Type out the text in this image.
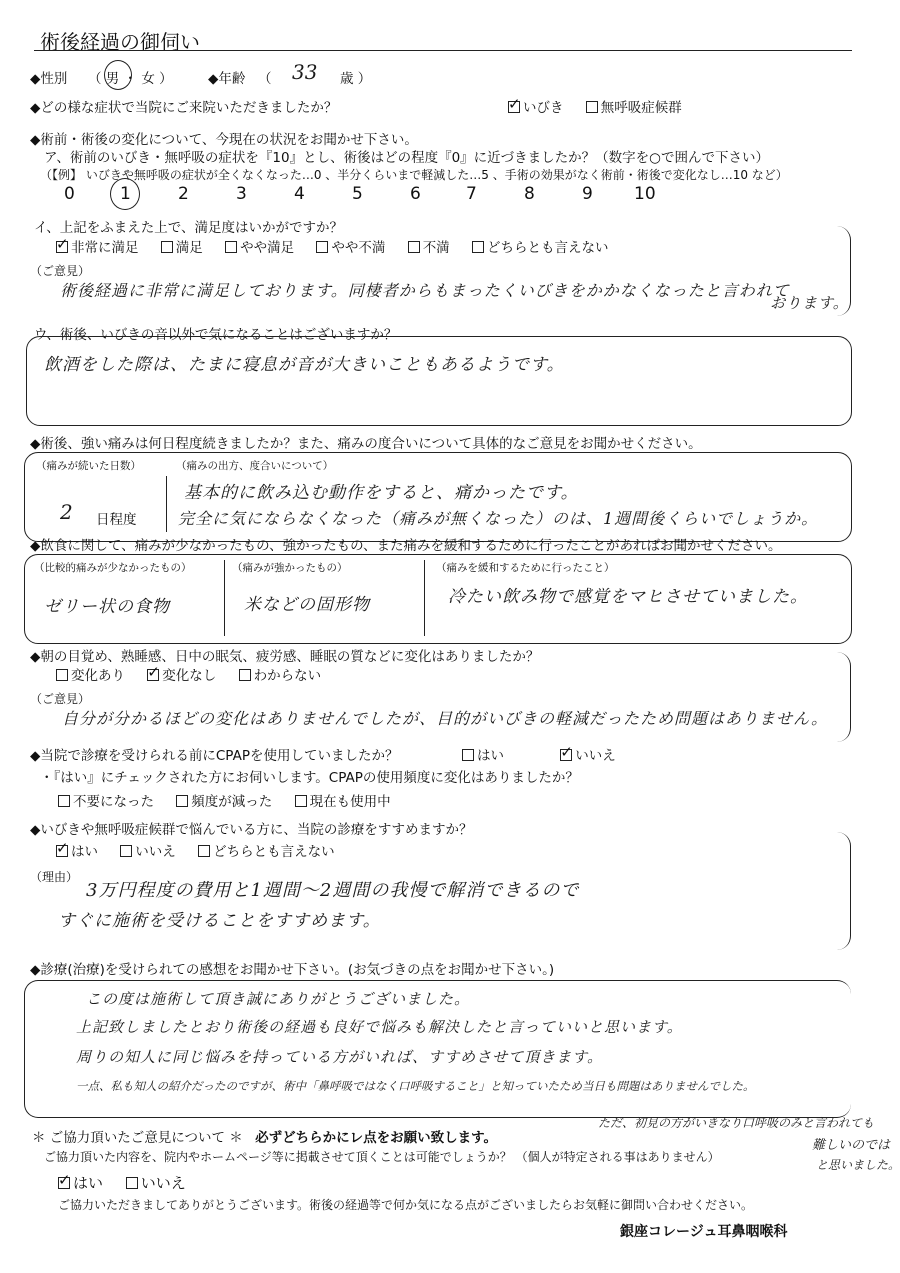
術後経過の御伺い
◆性別 （ 男 ・ 女 ）	◆年齢 （ 33 歳 ）
◆どの様な症状で当院にご来院いただきましたか？ ✓	いびき	無呼吸症候群
◆術前・術後の変化について、今現在の状況をお聞かせ下さい。
ア、術前のいびき・無呼吸の症状を『10』とし、術後はどの程度『0』に近づきましたか？（数字を○で囲んで下さい）
（【例】 いびきや無呼吸の症状が全くなくなった…0 、半分くらいまで軽減した…5 、手術の効果がなく術前・術後で変化なし…10 など）
0	1	2	3	4	5	6	7	8	9 10
イ、上記をふまえた上で、満足度はいかがですか？
✓非常に満足	満足	やや満足	やや不満	不満	どちらとも言えない
（ご意見）
術後経過に非常に満足しております。同棲者からもまったくいびきをかかなくなったと言われて
おります。
ウ、術後、いびきの音以外で気になることはございますか？
飲酒をした際は、たまに寝息が音が大きいこともあるようです。
◆術後、強い痛みは何日程度続きましたか？また、痛みの度合いについて具体的なご意見をお聞かせください。
（痛みが続いた日数）
2 日程度
（痛みの出方、度合いについて）
基本的に飲み込む動作をすると、痛かったです。
完全に気にならなくなった（痛みが無くなった）のは、1週間後くらいでしょうか。
◆飲食に関して、痛みが少なかったもの、強かったもの、また痛みを緩和するために行ったことがあればお聞かせください。
（比較的痛みが少なかったもの）
ゼリー状の食物
（痛みが強かったもの）
米などの固形物
（痛みを緩和するために行ったこと）
冷たい飲み物で感覚をマヒさせていました。
◆朝の目覚め、熟睡感、日中の眠気、疲労感、睡眠の質などに変化はありましたか？
変化あり ✓	変化なし	わからない
（ご意見）
自分が分かるほどの変化はありませんでしたが、目的がいびきの軽減だったため問題はありません。
◆当院で診療を受けられる前にCPAPを使用していましたか？	はい ✓	いいえ
・『はい』にチェックされた方にお伺いします。CPAPの使用頻度に変化はありましたか？
不要になった	頻度が減った	現在も使用中
◆いびきや無呼吸症候群で悩んでいる方に、当院の診療をすすめますか？
✓はい	いいえ	どちらとも言えない
（理由）
3万円程度の費用と1週間〜2週間の我慢で解消できるので
すぐに施術を受けることをすすめます。
◆診療(治療)を受けられての感想をお聞かせ下さい。(お気づきの点をお聞かせ下さい。)
この度は施術して頂き誠にありがとうございました。
上記致しましたとおり術後の経過も良好で悩みも解決したと言っていいと思います。
周りの知人に同じ悩みを持っている方がいれば、すすめさせて頂きます。
一点、私も知人の紹介だったのですが、術中「鼻呼吸ではなく口呼吸すること」と知っていたため当日も問題はありませんでした。
ただ、初見の方がいきなり口呼吸のみと言われても
難しいのでは
と思いました。
＊ ご協力頂いたご意見について ＊ 必ずどちらかにレ点をお願い致します。
ご協力頂いた内容を、院内やホームページ等に掲載させて頂くことは可能でしょうか？ （個人が特定される事はありません）
✓はい	いいえ
ご協力いただきましてありがとうございます。術後の経過等で何か気になる点がございましたらお気軽に御問い合わせください。
銀座コレージュ耳鼻咽喉科
